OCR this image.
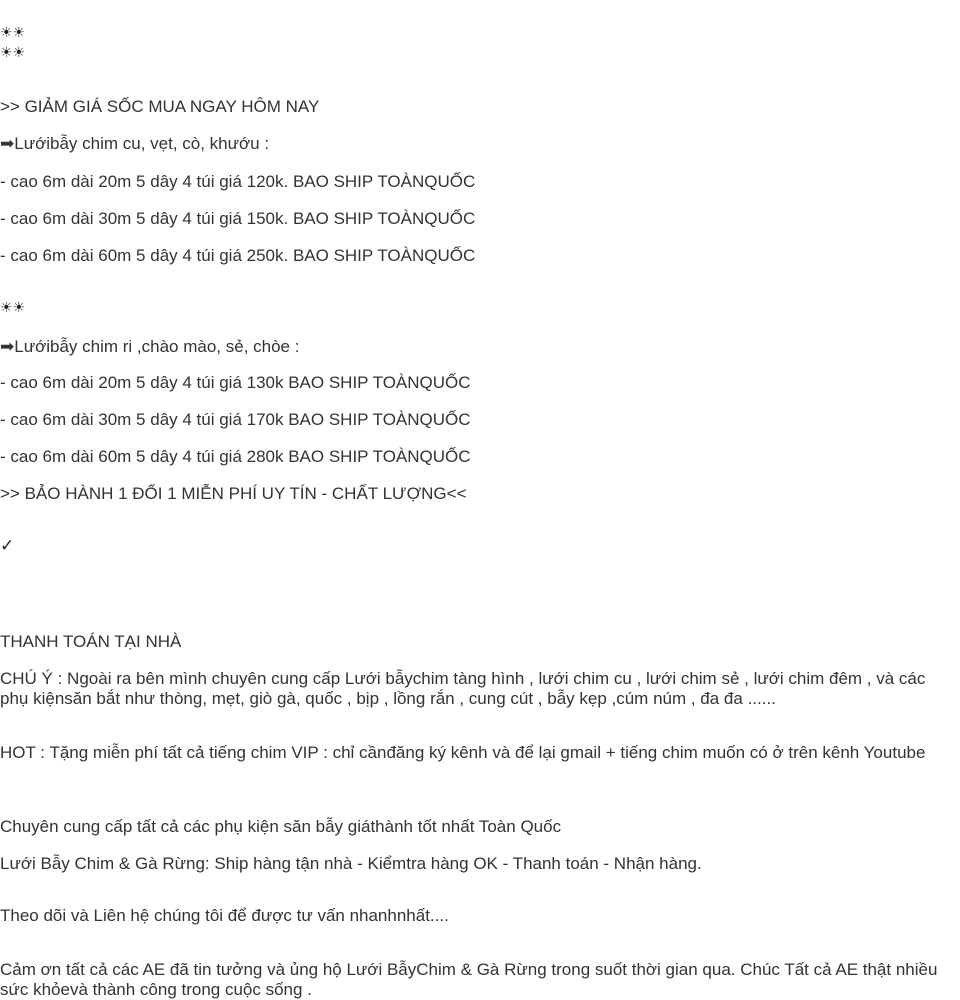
☀☀
☀☀
>> GIẢM GIÁ SỐC MUA NGAY HÔM NAY
➡Lướibẫy chim cu, vẹt, cò, khướu :
- cao 6m dài 20m 5 dây 4 túi giá 120k. BAO SHIP TOÀNQUỐC
- cao 6m dài 30m 5 dây 4 túi giá 150k. BAO SHIP TOÀNQUỐC
- cao 6m dài 60m 5 dây 4 túi giá 250k. BAO SHIP TOÀNQUỐC
☀☀
➡Lướibẫy chim ri ,chào mào, sẻ, chòe :
- cao 6m dài 20m 5 dây 4 túi giá 130k BAO SHIP TOÀNQUỐC
- cao 6m dài 30m 5 dây 4 túi giá 170k BAO SHIP TOÀNQUỐC
- cao 6m dài 60m 5 dây 4 túi giá 280k BAO SHIP TOÀNQUỐC
>> BẢO HÀNH 1 ĐỔI 1 MIỄN PHÍ UY TÍN - CHẤT LƯỢNG<<
✓
THANH TOÁN TẠI NHÀ
CHÚ Ý : Ngoài ra bên mình chuyên cung cấp Lưới bẫychim tàng hình , lưới chim cu , lưới chim sẻ , lưới chim đêm , và các phụ kiệnsăn bắt như thòng, mẹt, giò gà, quốc , bịp , lồng rắn , cung cút , bẫy kẹp ,cúm núm , đa đa ......
HOT : Tặng miễn phí tất cả tiếng chim VIP : chỉ cầnđăng ký kênh và để lại gmail + tiếng chim muốn có ở trên kênh Youtube
Chuyên cung cấp tất cả các phụ kiện săn bẫy giáthành tốt nhất Toàn Quốc
Lưới Bẫy Chim & Gà Rừng: Ship hàng tận nhà - Kiểmtra hàng OK - Thanh toán - Nhận hàng.
Theo dõi và Liên hệ chúng tôi để được tư vấn nhanhnhất....
Cảm ơn tất cả các AE đã tin tưởng và ủng hộ Lưới BẫyChim & Gà Rừng trong suốt thời gian qua. Chúc Tất cả AE thật nhiều sức khỏevà thành công trong cuộc sống .
